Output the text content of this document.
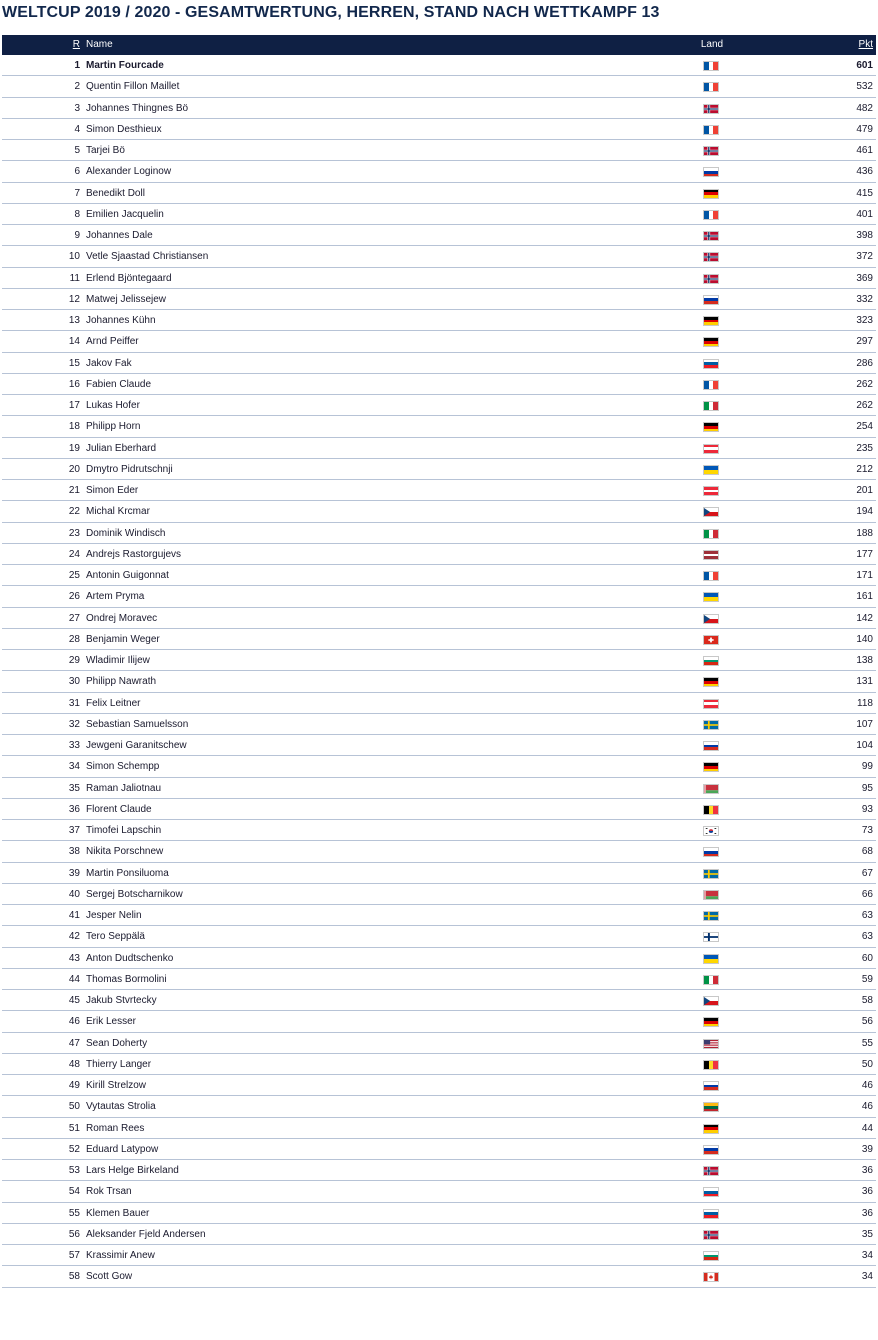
WELTCUP 2019 / 2020 - GESAMTWERTUNG, HERREN, STAND NACH WETTKAMPF 13
R Name	Land	Pkt
1 Martin Fourcade	601
2 Quentin Fillon Maillet	532
3 Johannes Thingnes Bö	482
4 Simon Desthieux	479
5 Tarjei Bö	461
6 Alexander Loginow	436
7 Benedikt Doll	415
8 Emilien Jacquelin	401
9 Johannes Dale	398
10 Vetle Sjaastad Christiansen	372
11 Erlend Bjöntegaard	369
12 Matwej Jelissejew	332
13 Johannes Kühn	323
14 Arnd Peiffer	297
15 Jakov Fak	286
16 Fabien Claude	262
17 Lukas Hofer	262
18 Philipp Horn	254
19 Julian Eberhard	235
20 Dmytro Pidrutschnji	212
21 Simon Eder	201
22 Michal Krcmar	194
23 Dominik Windisch	188
24 Andrejs Rastorgujevs	177
25 Antonin Guigonnat	171
26 Artem Pryma	161
27 Ondrej Moravec	142
28 Benjamin Weger	140
29 Wladimir Ilijew	138
30 Philipp Nawrath	131
31 Felix Leitner	118
32 Sebastian Samuelsson	107
33 Jewgeni Garanitschew	104
34 Simon Schempp	99
35 Raman Jaliotnau	95
36 Florent Claude	93
37 Timofei Lapschin	73
38 Nikita Porschnew	68
39 Martin Ponsiluoma	67
40 Sergej Botscharnikow	66
41 Jesper Nelin	63
42 Tero Seppälä	63
43 Anton Dudtschenko	60
44 Thomas Bormolini	59
45 Jakub Stvrtecky	58
46 Erik Lesser	56
47 Sean Doherty	55
48 Thierry Langer	50
49 Kirill Strelzow	46
50 Vytautas Strolia	46
51 Roman Rees	44
52 Eduard Latypow	39
53 Lars Helge Birkeland	36
54 Rok Trsan	36
55 Klemen Bauer	36
56 Aleksander Fjeld Andersen	35
57 Krassimir Anew	34
58 Scott Gow	34
